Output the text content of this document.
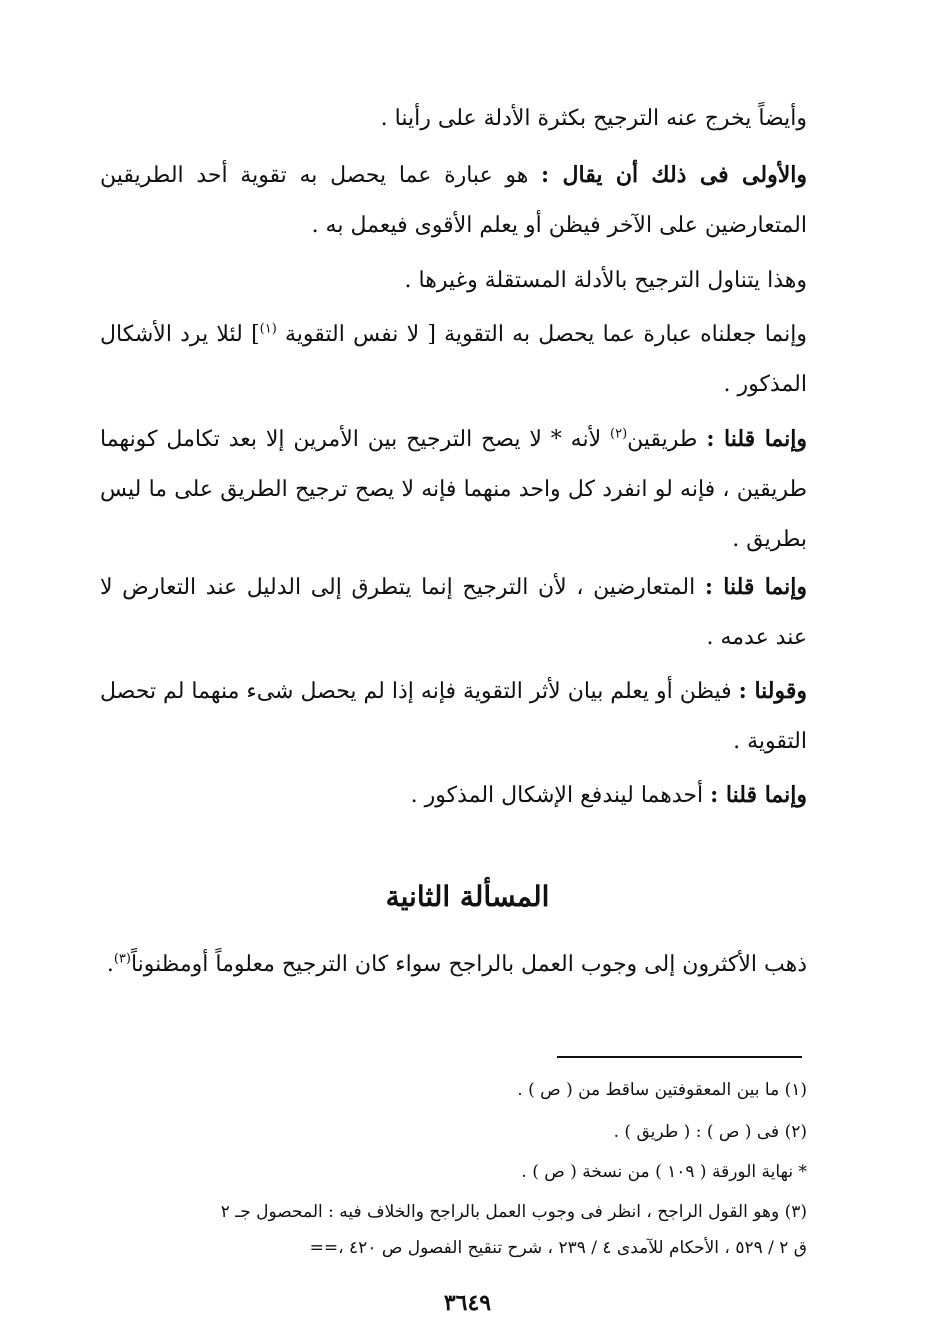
وأيضاً يخرج عنه الترجيح بكثرة الأدلة على رأينا .

والأولى فى ذلك أن يقال : هو عبارة عما يحصل به تقوية أحد الطريقين المتعارضين على الآخر فيظن أو يعلم الأقوى فيعمل به .

وهذا يتناول الترجيح بالأدلة المستقلة وغيرها .

وإنما جعلناه عبارة عما يحصل به التقوية [ لا نفس التقوية $^{(١)}$] لئلا يرد الأشكال المذكور .

وإنما قلنا : طريقين$^{(٢)}$ لأنه * لا يصح الترجيح بين الأمرين إلا بعد تكامل كونهما طريقين ، فإنه لو انفرد كل واحد منهما فإنه لا يصح ترجيح الطريق على ما ليس بطريق .

وإنما قلنا : المتعارضين ، لأن الترجيح إنما يتطرق إلى الدليل عند التعارض لا عند عدمه .

وقولنا : فيظن أو يعلم بيان لأثر التقوية فإنه إذا لم يحصل شىء منهما لم تحصل التقوية .

وإنما قلنا : أحدهما ليندفع الإشكال المذكور .

المسألة الثانية

ذهب الأكثرون إلى وجوب العمل بالراجح سواء كان الترجيح معلوماً أومظنوناً$^{(٣)}$.

(١) ما بين المعقوفتين ساقط من ( ص ) .

(٢) فى ( ص ) : ( طريق ) .

* نهاية الورقة ( ١٠٩ ) من نسخة ( ص ) .

(٣) وهو القول الراجح ، انظر فى وجوب العمل بالراجح والخلاف فيه : المحصول جـ ٢

ق ٢ / ٥٢٩ ، الأحكام للآمدى ٤ / ٢٣٩ ، شرح تنقيح الفصول ص ٤٢٠ ،==

٣٦٤٩
